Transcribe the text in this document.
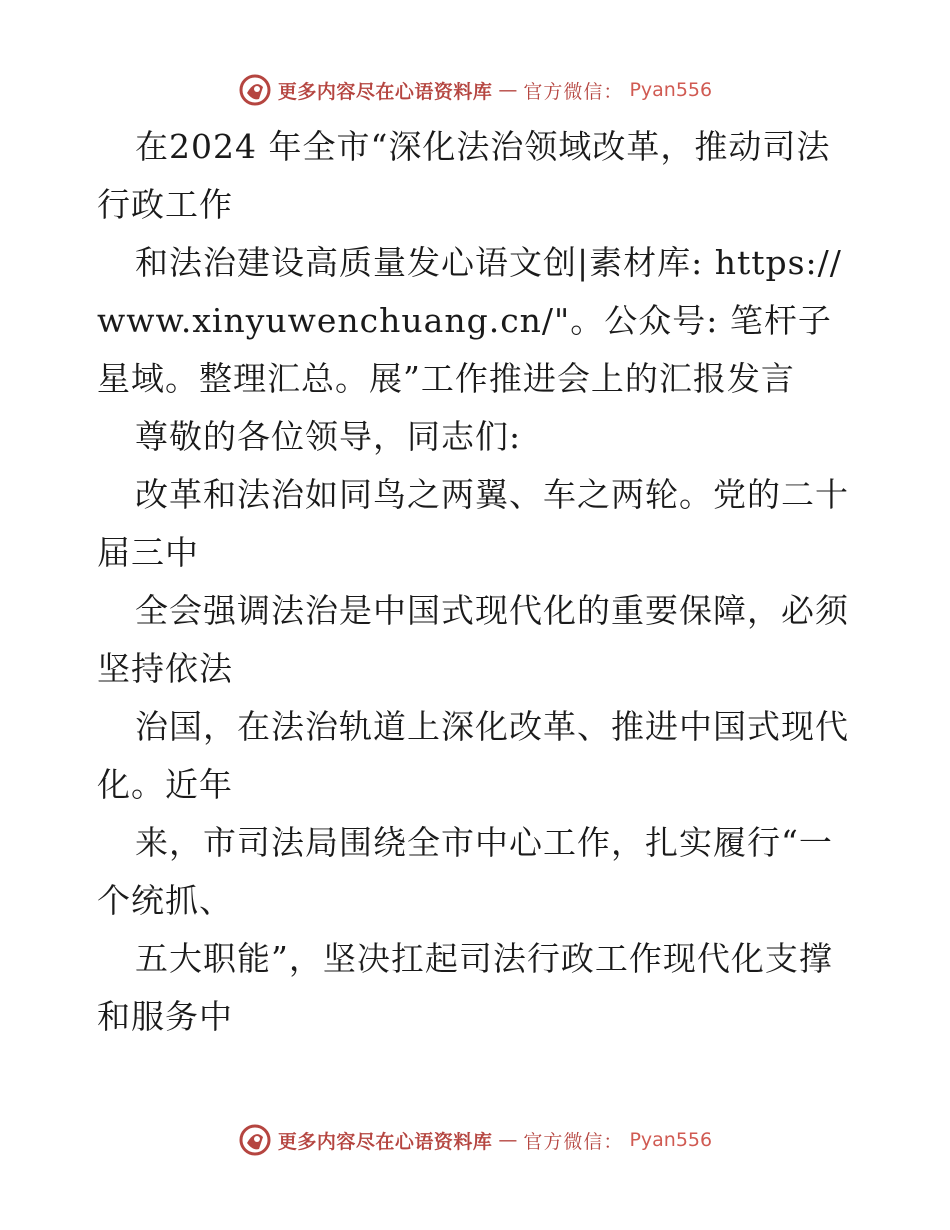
更多内容尽在心语资料库 — 官方微信： Pyan556

在2024 年全市“深化法治领域改革，推动司法行政工作

和法治建设高质量发心语文创|素材库: https://www.xinyuwenchuang.cn/"。公众号: 笔杆子星域。整理汇总。展”工作推进会上的汇报发言

尊敬的各位领导，同志们:

改革和法治如同鸟之两翼、车之两轮。党的二十届三中

全会强调法治是中国式现代化的重要保障，必须坚持依法

治国，在法治轨道上深化改革、推进中国式现代化。近年

来，市司法局围绕全市中心工作，扎实履行“一个统抓、

五大职能”，坚决扛起司法行政工作现代化支撑和服务中

更多内容尽在心语资料库 — 官方微信： Pyan556
